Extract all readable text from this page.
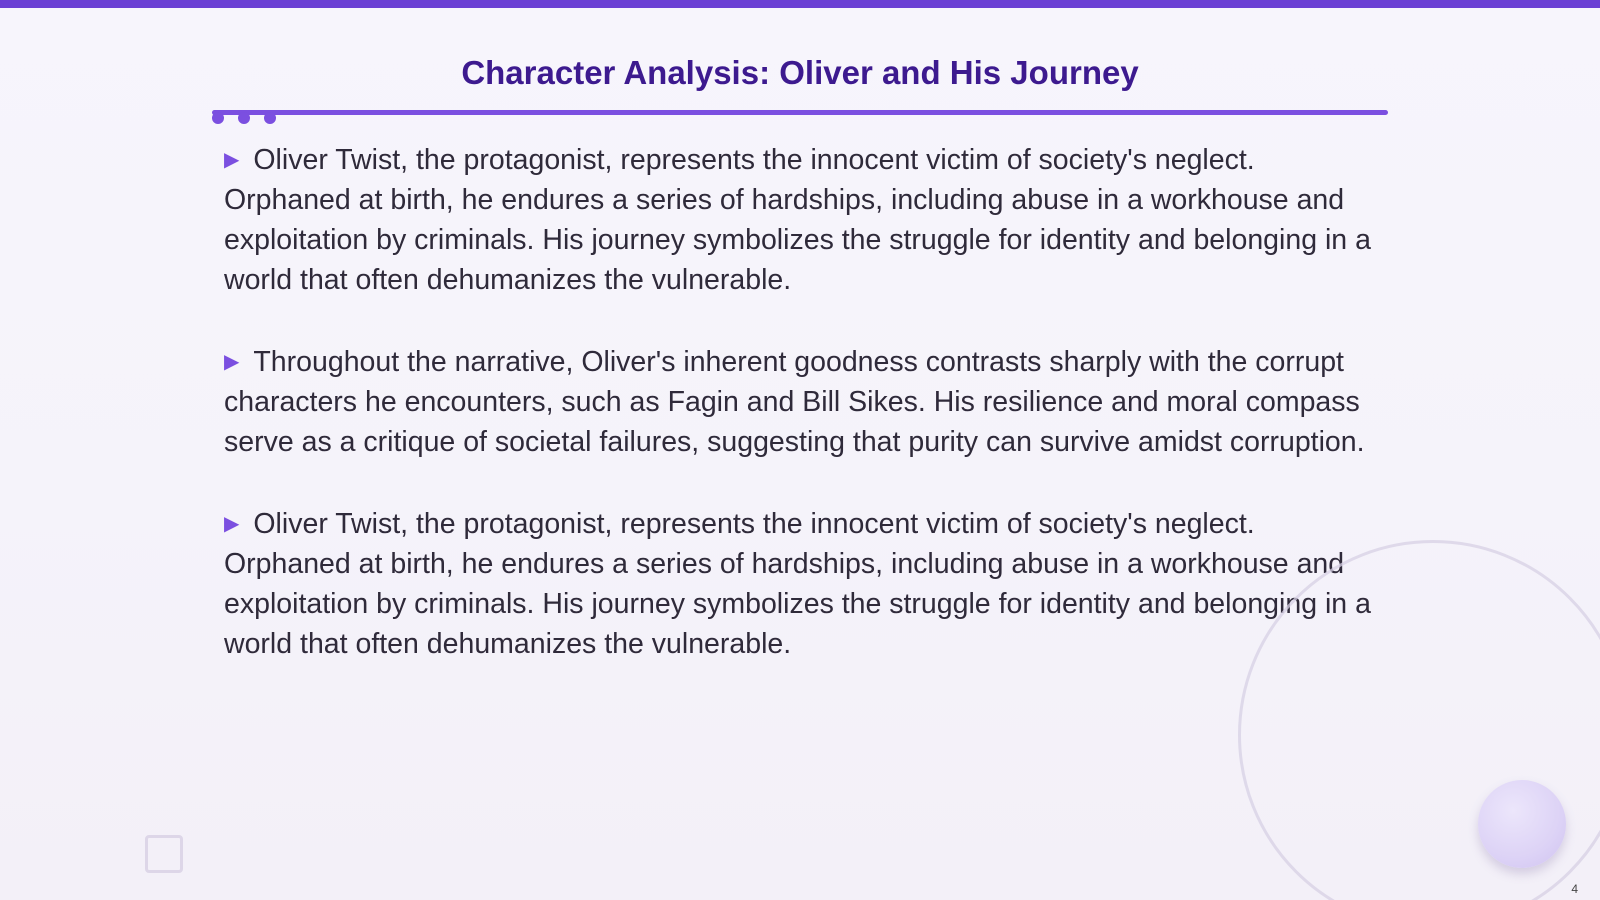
Character Analysis: Oliver and His Journey

▶ Oliver Twist, the protagonist, represents the innocent victim of society's neglect. Orphaned at birth, he endures a series of hardships, including abuse in a workhouse and exploitation by criminals. His journey symbolizes the struggle for identity and belonging in a world that often dehumanizes the vulnerable.

▶ Throughout the narrative, Oliver's inherent goodness contrasts sharply with the corrupt characters he encounters, such as Fagin and Bill Sikes. His resilience and moral compass serve as a critique of societal failures, suggesting that purity can survive amidst corruption.

▶ Oliver Twist, the protagonist, represents the innocent victim of society's neglect. Orphaned at birth, he endures a series of hardships, including abuse in a workhouse and exploitation by criminals. His journey symbolizes the struggle for identity and belonging in a world that often dehumanizes the vulnerable.

4
